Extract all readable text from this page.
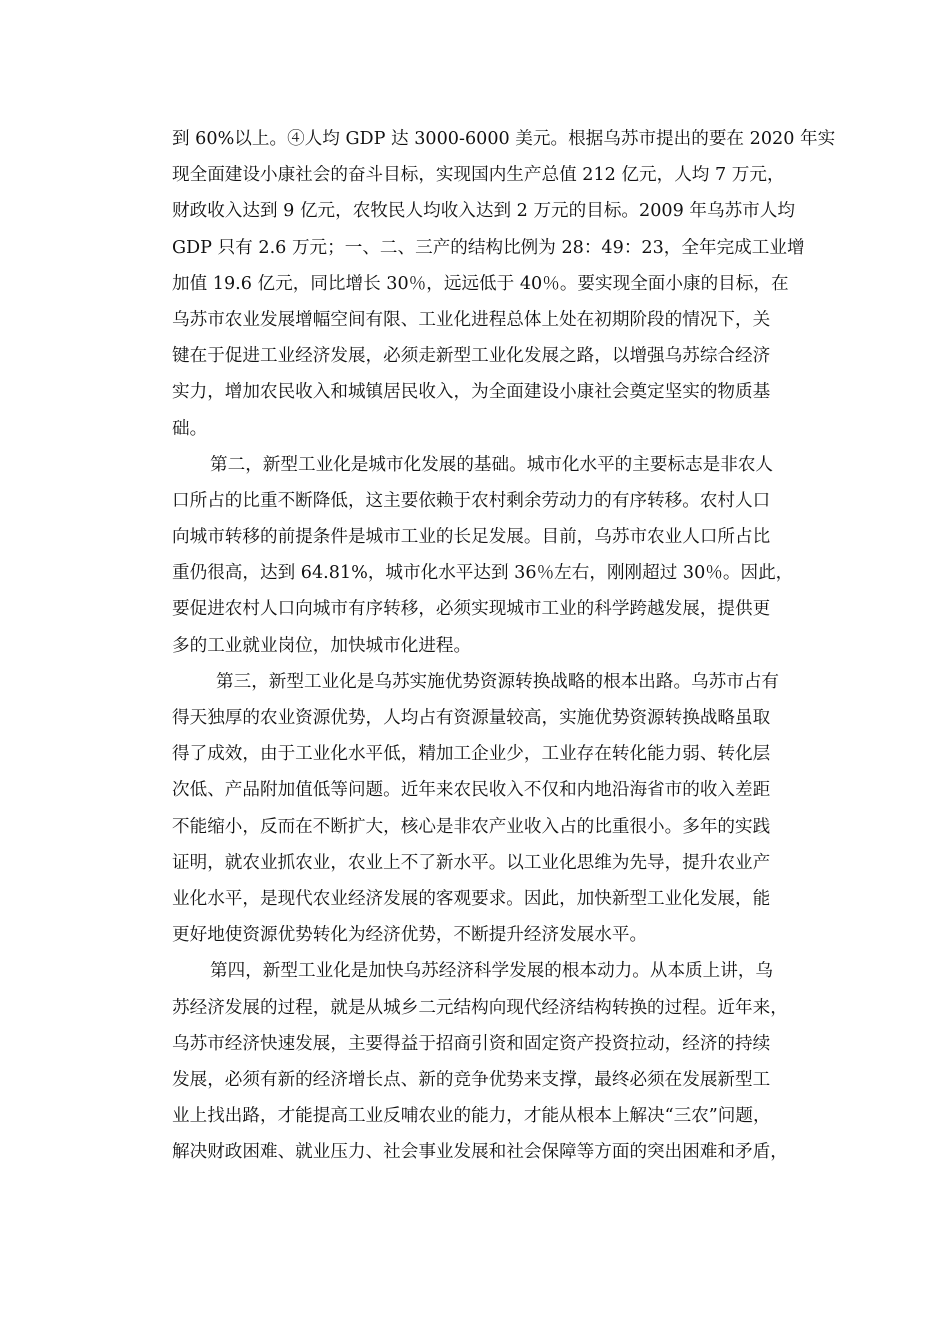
到 60%以上。④人均 GDP 达 3000-6000 美元。根据乌苏市提出的要在 2020 年实
现全面建设小康社会的奋斗目标，实现国内生产总值 212 亿元，人均 7 万元，
财政收入达到 9 亿元，农牧民人均收入达到 2 万元的目标。2009 年乌苏市人均
GDP 只有 2.6 万元；一、二、三产的结构比例为 28：49：23，全年完成工业增
加值 19.6 亿元，同比增长 30％，远远低于 40％。要实现全面小康的目标，在
乌苏市农业发展增幅空间有限、工业化进程总体上处在初期阶段的情况下，关
键在于促进工业经济发展，必须走新型工业化发展之路，以增强乌苏综合经济
实力，增加农民收入和城镇居民收入，为全面建设小康社会奠定坚实的物质基
础。
第二，新型工业化是城市化发展的基础。城市化水平的主要标志是非农人
口所占的比重不断降低，这主要依赖于农村剩余劳动力的有序转移。农村人口
向城市转移的前提条件是城市工业的长足发展。目前，乌苏市农业人口所占比
重仍很高，达到 64.81%，城市化水平达到 36％左右，刚刚超过 30％。因此，
要促进农村人口向城市有序转移，必须实现城市工业的科学跨越发展，提供更
多的工业就业岗位，加快城市化进程。
第三，新型工业化是乌苏实施优势资源转换战略的根本出路。乌苏市占有
得天独厚的农业资源优势，人均占有资源量较高，实施优势资源转换战略虽取
得了成效，由于工业化水平低，精加工企业少，工业存在转化能力弱、转化层
次低、产品附加值低等问题。近年来农民收入不仅和内地沿海省市的收入差距
不能缩小，反而在不断扩大，核心是非农产业收入占的比重很小。多年的实践
证明，就农业抓农业，农业上不了新水平。以工业化思维为先导，提升农业产
业化水平，是现代农业经济发展的客观要求。因此，加快新型工业化发展，能
更好地使资源优势转化为经济优势，不断提升经济发展水平。
第四，新型工业化是加快乌苏经济科学发展的根本动力。从本质上讲，乌
苏经济发展的过程，就是从城乡二元结构向现代经济结构转换的过程。近年来，
乌苏市经济快速发展，主要得益于招商引资和固定资产投资拉动，经济的持续
发展，必须有新的经济增长点、新的竞争优势来支撑，最终必须在发展新型工
业上找出路，才能提高工业反哺农业的能力，才能从根本上解决“三农”问题，
解决财政困难、就业压力、社会事业发展和社会保障等方面的突出困难和矛盾，
